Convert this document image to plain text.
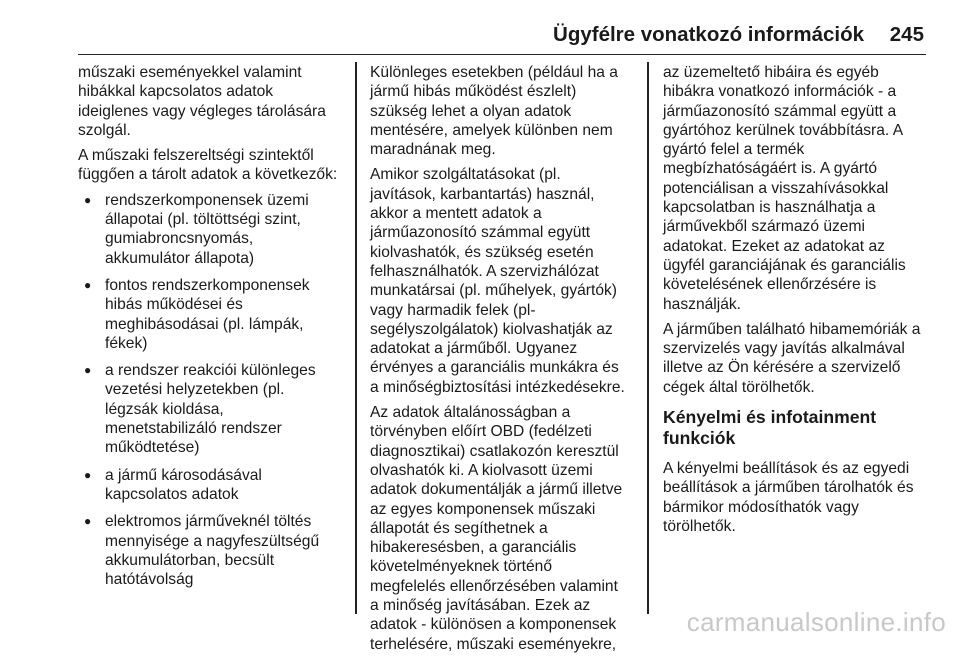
Ügyfélre vonatkozó információk 245

műszaki eseményekkel valamint
hibákkal kapcsolatos adatok
ideiglenes vagy végleges tárolására
szolgál.

A műszaki felszereltségi szintektől
függően a tárolt adatok a következők:

● rendszerkomponensek üzemi
állapotai (pl. töltöttségi szint,
gumiabroncsnyomás,
akkumulátor állapota)
● fontos rendszerkomponensek
hibás működései és
meghibásodásai (pl. lámpák,
fékek)
● a rendszer reakciói különleges
vezetési helyzetekben (pl.
légzsák kioldása,
menetstabilizáló rendszer
működtetése)
● a jármű károsodásával
kapcsolatos adatok
● elektromos járműveknél töltés
mennyisége a nagyfeszültségű
akkumulátorban, becsült
hatótávolság

Különleges esetekben (például ha a
jármű hibás működést észlelt)
szükség lehet a olyan adatok
mentésére, amelyek különben nem
maradnának meg.

Amikor szolgáltatásokat (pl.
javítások, karbantartás) használ,
akkor a mentett adatok a
járműazonosító számmal együtt
kiolvashatók, és szükség esetén
felhasználhatók. A szervizhálózat
munkatársai (pl. műhelyek, gyártók)
vagy harmadik felek (pl-
segélyszolgálatok) kiolvashatják az
adatokat a járműből. Ugyanez
érvényes a garanciális munkákra és
a minőségbiztosítási intézkedésekre.

Az adatok általánosságban a
törvényben előírt OBD (fedélzeti
diagnosztikai) csatlakozón keresztül
olvashatók ki. A kiolvasott üzemi
adatok dokumentálják a jármű illetve
az egyes komponensek műszaki
állapotát és segíthetnek a
hibakeresésben, a garanciális
követelményeknek történő
megfelelés ellenőrzésében valamint
a minőség javításában. Ezek az
adatok - különösen a komponensek
terhelésére, műszaki eseményekre,

az üzemeltető hibáira és egyéb
hibákra vonatkozó információk - a
járműazonosító számmal együtt a
gyártóhoz kerülnek továbbításra. A
gyártó felel a termék
megbízhatóságáért is. A gyártó
potenciálisan a visszahívásokkal
kapcsolatban is használhatja a
járművekből származó üzemi
adatokat. Ezeket az adatokat az
ügyfél garanciájának és garanciális
követelésének ellenőrzésére is
használják.

A járműben található hibamemóriák a
szervizelés vagy javítás alkalmával
illetve az Ön kérésére a szervizelő
cégek által törölhetők.

Kényelmi és infotainment
funkciók

A kényelmi beállítások és az egyedi
beállítások a járműben tárolhatók és
bármikor módosíthatók vagy
törölhetők.

carmanualsonline.info
